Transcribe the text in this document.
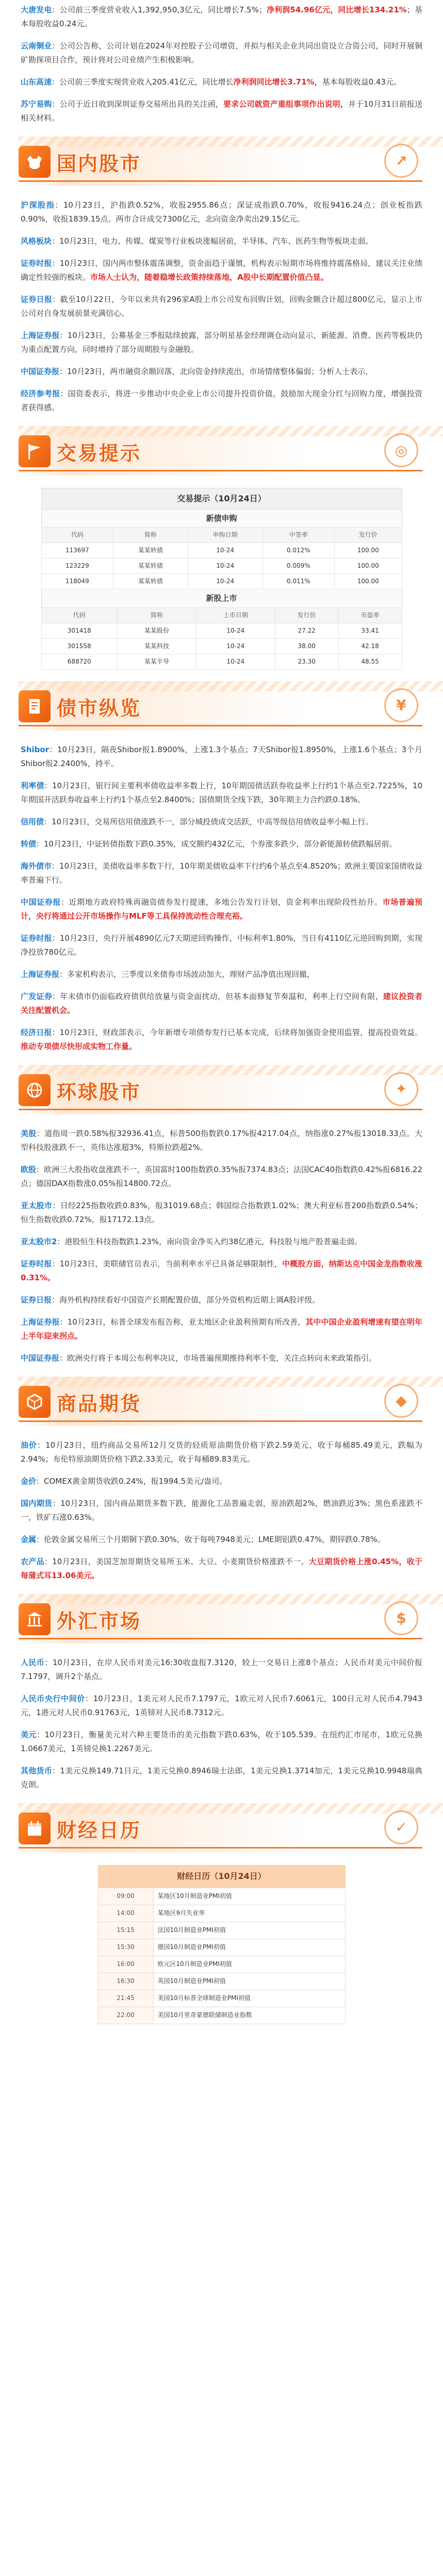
大唐发电：公司前三季度营业收入1,392,950,3亿元，同比增长7.5%；净利润54.96亿元，同比增长134.21%；基本每股收益0.24元。

云南铜业：公司公告称，公司计划在2024年对控股子公司增资，并拟与相关企业共同出资设立合资公司，同时开展铜矿勘探项目合作，预计将对公司业绩产生积极影响。

山东高速：公司前三季度实现营业收入205.41亿元，同比增长净利润同比增长3.71%，基本每股收益0.43元。

苏宁易购：公司于近日收到深圳证券交易所出具的关注函，要求公司就资产重组事项作出说明，并于10月31日前报送相关材料。

国内股市	↗

沪深股指：10月23日，沪指跌0.52%，收报2955.86点；深证成指跌0.70%，收报9416.24点；创业板指跌0.90%，收报1839.15点。两市合计成交7300亿元，北向资金净卖出29.15亿元。

风格板块：10月23日，电力、传媒、煤炭等行业板块涨幅居前，半导体、汽车、医药生物等板块走弱。

证券时报：10月23日，国内两市整体震荡调整，资金面趋于谨慎，机构表示短期市场将维持震荡格局，建议关注业绩确定性较强的板块。市场人士认为，随着稳增长政策持续落地，A股中长期配置价值凸显。

证券日报：截至10月22日，今年以来共有296家A股上市公司发布回购计划，回购金额合计超过800亿元，显示上市公司对自身发展前景充满信心。

上海证券报：10月23日，公募基金三季报陆续披露，部分明星基金经理调仓动向显示，新能源、消费、医药等板块仍为重点配置方向，同时增持了部分周期股与金融股。

中国证券报：10月23日，两市融资余额回落，北向资金持续流出，市场情绪整体偏弱；分析人士表示，

经济参考报：国资委表示，将进一步推动中央企业上市公司提升投资价值，鼓励加大现金分红与回购力度，增强投资者获得感。

交易提示	◎
交易提示（10月24日）
新债申购
代码	简称	申购日期	中签率	发行价
113697	某某转债	10-24	0.012%	100.00
123229	某某转债	10-24	0.009%	100.00
118049	某某转债	10-24	0.011%	100.00
新股上市
代码	简称	上市日期	发行价	市盈率
301418	某某股份	10-24	27.22	33.41
301558	某某科技	10-24	38.00	42.18
688720	某某半导	10-24	23.30	48.55
债市纵览	¥

Shibor：10月23日，隔夜Shibor报1.8900%，上涨1.3个基点；7天Shibor报1.8950%，上涨1.6个基点；3个月Shibor报2.2400%，持平。

利率债：10月23日，银行间主要利率债收益率多数上行，10年期国债活跃券收益率上行约1个基点至2.7225%，10年期国开活跃券收益率上行约1个基点至2.8400%；国债期货全线下跌，30年期主力合约跌0.18%。

信用债：10月23日，交易所信用债涨跌不一，部分城投债成交活跃，中高等级信用债收益率小幅上行。

转债：10月23日，中证转债指数下跌0.35%，成交额约432亿元，个券涨多跌少，部分新能源转债跌幅居前。

海外债市：10月23日，美债收益率多数下行，10年期美债收益率下行约6个基点至4.8520%；欧洲主要国家国债收益率普遍下行。

中国证券报：近期地方政府特殊再融资债券发行提速，多地公告发行计划，资金利率出现阶段性抬升。市场普遍预计，央行将通过公开市场操作与MLF等工具保持流动性合理充裕。

证券时报：10月23日，央行开展4890亿元7天期逆回购操作，中标利率1.80%，当日有4110亿元逆回购到期，实现净投放780亿元。

上海证券报：多家机构表示，三季度以来债券市场波动加大，理财产品净值出现回撤，

广发证券：年末债市仍面临政府债供给放量与资金面扰动，但基本面修复节奏温和，利率上行空间有限，建议投资者关注配置机会。

经济日报：10月23日，财政部表示，今年新增专项债券发行已基本完成，后续将加强资金使用监管，提高投资效益。推动专项债尽快形成实物工作量。

环球股市	✦

美股：道指周一跌0.58%报32936.41点，标普500指数跌0.17%报4217.04点，纳指涨0.27%报13018.33点。大型科技股涨跌不一，英伟达涨超3%，特斯拉跌超2%。

欧股：欧洲三大股指收盘涨跌不一，英国富时100指数跌0.35%报7374.83点；法国CAC40指数跌0.42%报6816.22点；德国DAX指数涨0.05%报14800.72点。

亚太股市：日经225指数收跌0.83%，报31019.68点；韩国综合指数跌1.02%；澳大利亚标普200指数跌0.54%；恒生指数收跌0.72%，报17172.13点。

亚太股市2：港股恒生科技指数跌1.23%，南向资金净买入约38亿港元，科技股与地产股普遍走弱。

证券时报：10月23日，美联储官员表示，当前利率水平已具备足够限制性，中概股方面，纳斯达克中国金龙指数收涨0.31%。

证券日报：海外机构持续看好中国资产长期配置价值，部分外资机构近期上调A股评级。

上海证券报：10月23日，标普全球发布报告称，亚太地区企业盈利预期有所改善，其中中国企业盈利增速有望在明年上半年迎来拐点。

中国证券报：欧洲央行将于本周公布利率决议，市场普遍预期维持利率不变，关注点转向未来政策指引。

商品期货	◆

油价：10月23日，纽约商品交易所12月交货的轻质原油期货价格下跌2.59美元，收于每桶85.49美元，跌幅为2.94%；布伦特原油期货价格下跌2.33美元，收于每桶89.83美元。

金价：COMEX黄金期货收跌0.24%，报1994.5美元/盎司。

国内期货：10月23日，国内商品期货多数下跌，能源化工品普遍走弱，原油跌超2%，燃油跌近3%；黑色系涨跌不一，铁矿石涨0.63%。

金属：伦敦金属交易所三个月期铜下跌0.30%，收于每吨7948美元；LME期铝跌0.47%，期锌跌0.78%。

农产品：10月23日，美国芝加哥期货交易所玉米、大豆、小麦期货价格涨跌不一。大豆期货价格上涨0.45%，收于每蒲式耳13.06美元。

外汇市场	$

人民币：10月23日，在岸人民币对美元16:30收盘报7.3120，较上一交易日上涨8个基点；人民币对美元中间价报7.1797，调升2个基点。

人民币央行中间价：10月23日，1美元对人民币7.1797元，1欧元对人民币7.6061元，100日元对人民币4.7943元，1港元对人民币0.91763元，1英镑对人民币8.7312元。

美元：10月23日，衡量美元对六种主要货币的美元指数下跌0.63%，收于105.539。在纽约汇市尾市，1欧元兑换1.0667美元，1英镑兑换1.2267美元。

其他货币：1美元兑换149.71日元，1美元兑换0.8946瑞士法郎，1美元兑换1.3714加元，1美元兑换10.9948瑞典克朗。

财经日历	✓
财经日历（10月24日）
09:00	某地区10月制造业PMI初值
14:00	某地区9月失业率
15:15	法国10月制造业PMI初值
15:30	德国10月制造业PMI初值
16:00	欧元区10月制造业PMI初值
16:30	英国10月制造业PMI初值
21:45	美国10月标普全球制造业PMI初值
22:00	美国10月里奇蒙德联储制造业指数
